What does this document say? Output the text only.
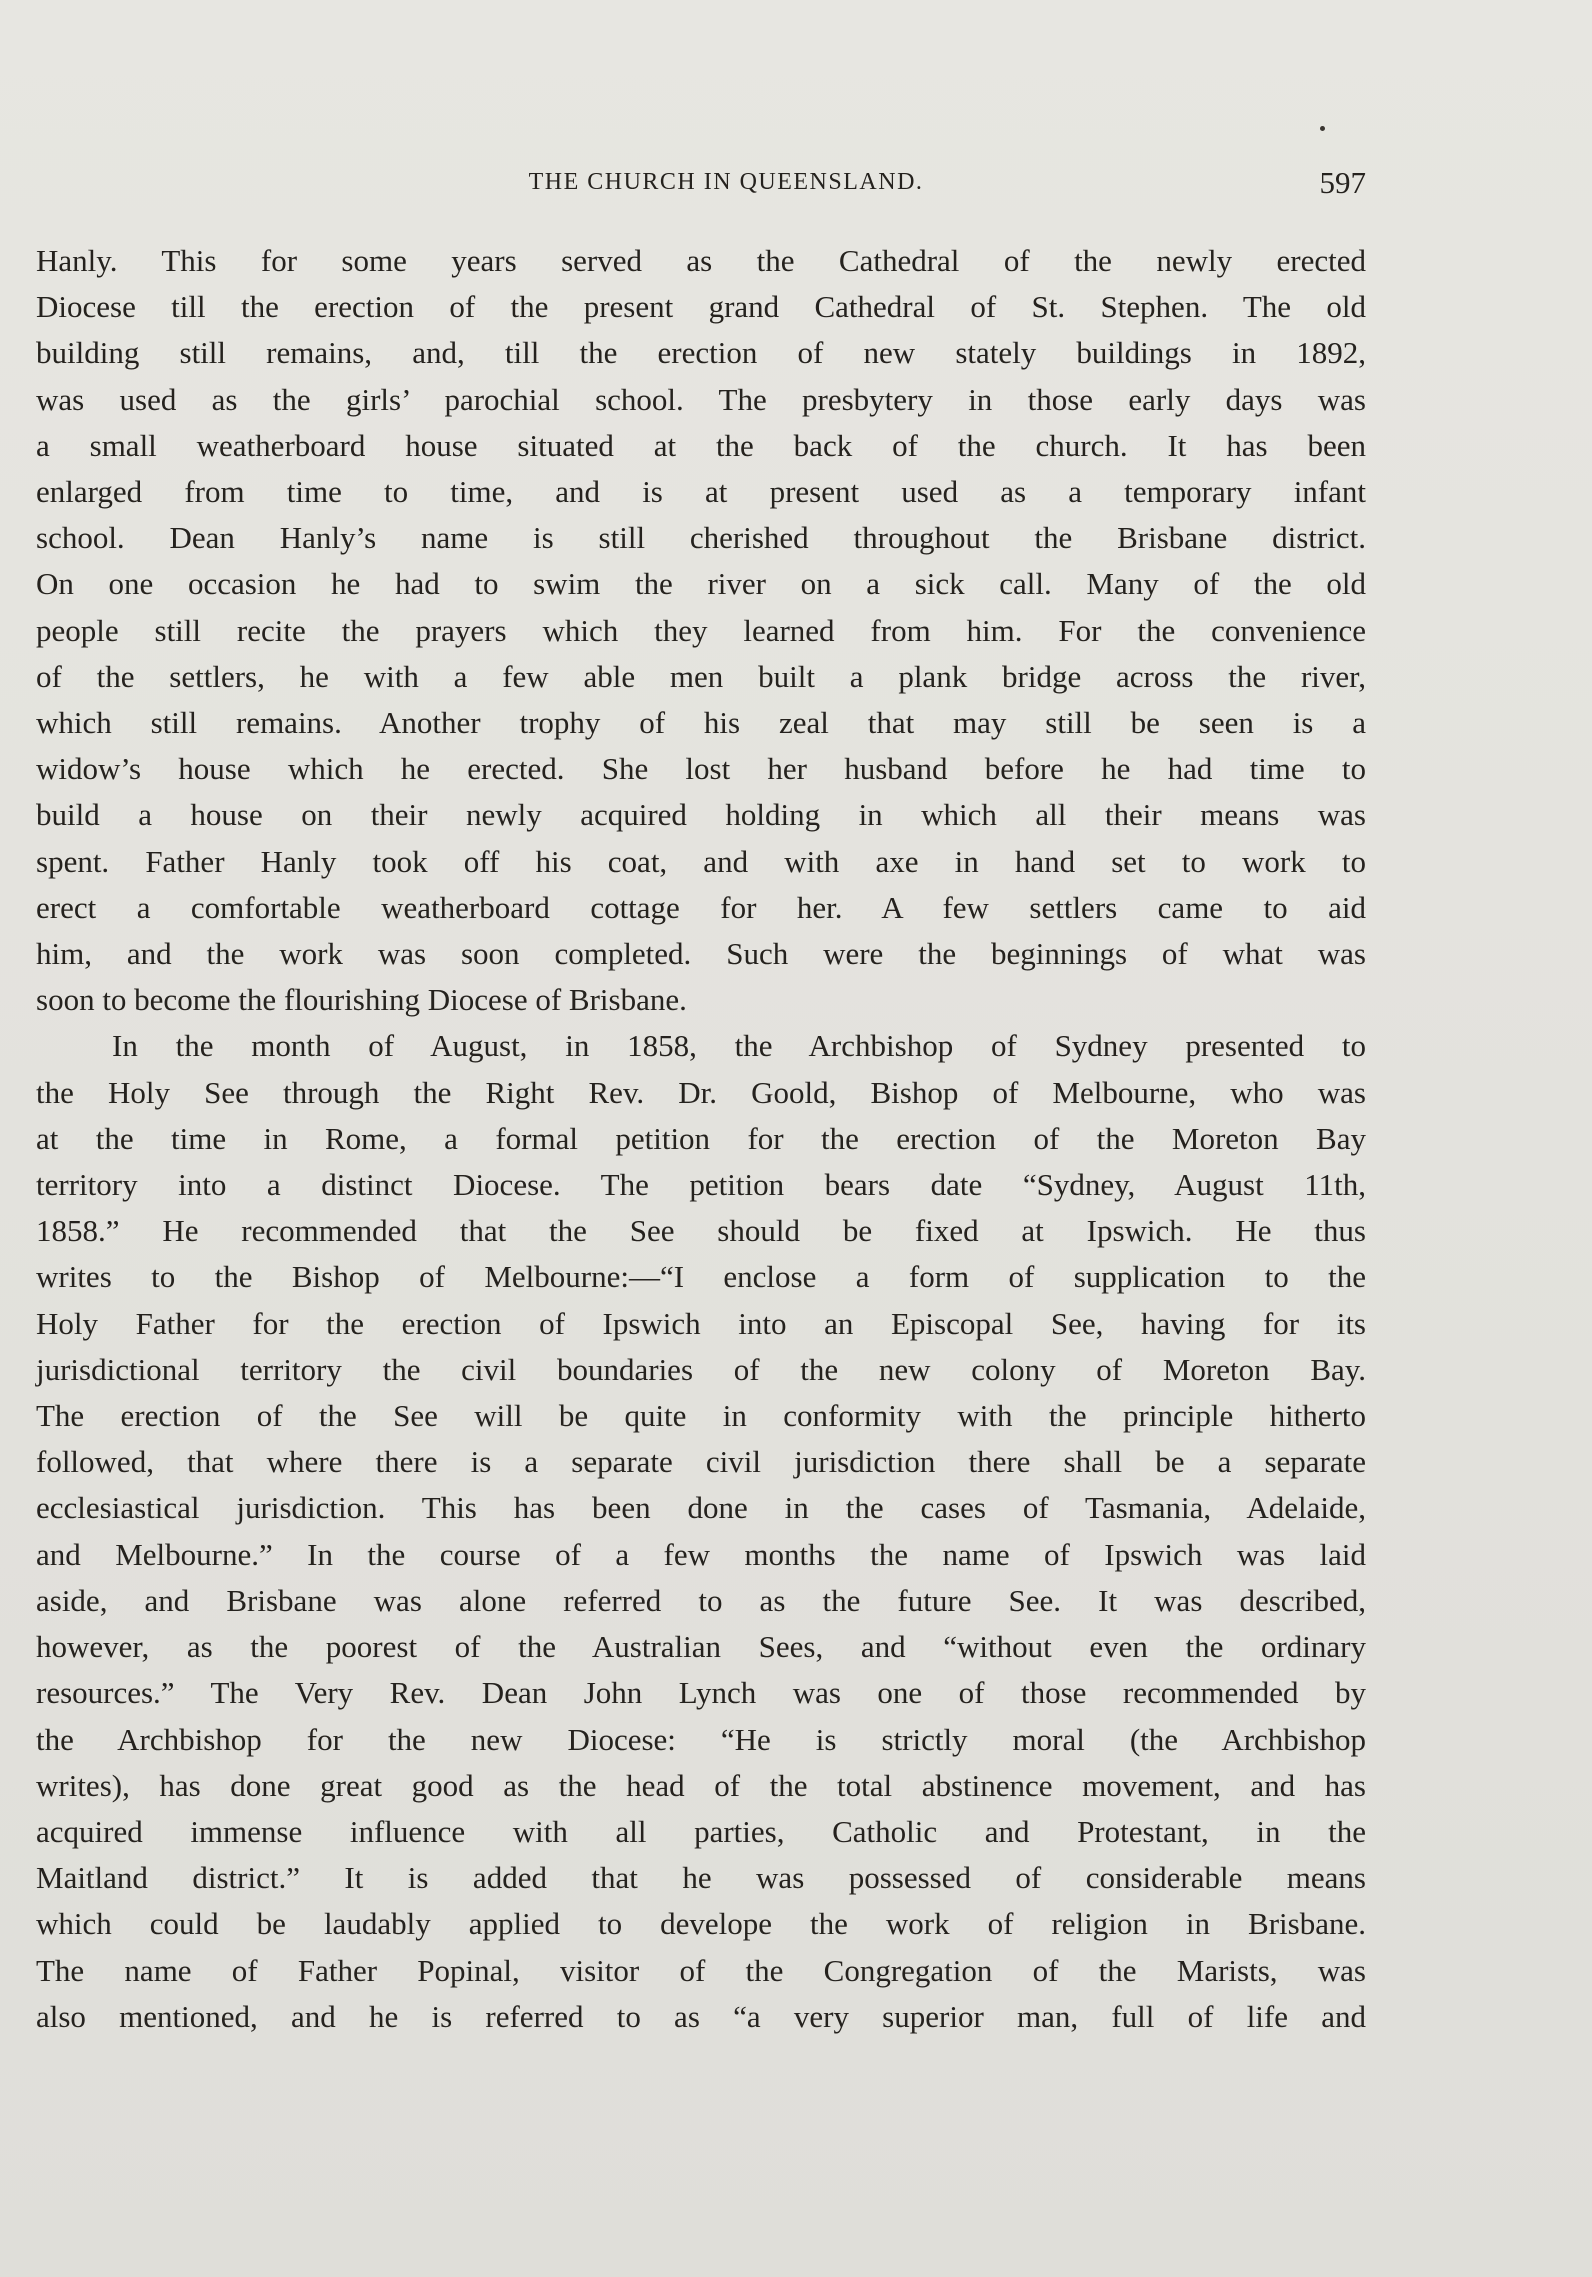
THE CHURCH IN QUEENSLAND.	597
Hanly. This for some years served as the Cathedral of the newly erected
Diocese till the erection of the present grand Cathedral of St. Stephen. The old
building still remains, and, till the erection of new stately buildings in 1892,
was used as the girls’ parochial school. The presbytery in those early days was
a small weatherboard house situated at the back of the church. It has been
enlarged from time to time, and is at present used as a temporary infant
school. Dean Hanly’s name is still cherished throughout the Brisbane district.
On one occasion he had to swim the river on a sick call. Many of the old
people still recite the prayers which they learned from him. For the convenience
of the settlers, he with a few able men built a plank bridge across the river,
which still remains. Another trophy of his zeal that may still be seen is a
widow’s house which he erected. She lost her husband before he had time to
build a house on their newly acquired holding in which all their means was
spent. Father Hanly took off his coat, and with axe in hand set to work to
erect a comfortable weatherboard cottage for her. A few settlers came to aid
him, and the work was soon completed. Such were the beginnings of what was
soon to become the flourishing Diocese of Brisbane.
In the month of August, in 1858, the Archbishop of Sydney presented to
the Holy See through the Right Rev. Dr. Goold, Bishop of Melbourne, who was
at the time in Rome, a formal petition for the erection of the Moreton Bay
territory into a distinct Diocese. The petition bears date “Sydney, August 11th,
1858.” He recommended that the See should be fixed at Ipswich. He thus
writes to the Bishop of Melbourne:—“I enclose a form of supplication to the
Holy Father for the erection of Ipswich into an Episcopal See, having for its
jurisdictional territory the civil boundaries of the new colony of Moreton Bay.
The erection of the See will be quite in conformity with the principle hitherto
followed, that where there is a separate civil jurisdiction there shall be a separate
ecclesiastical jurisdiction. This has been done in the cases of Tasmania, Adelaide,
and Melbourne.” In the course of a few months the name of Ipswich was laid
aside, and Brisbane was alone referred to as the future See. It was described,
however, as the poorest of the Australian Sees, and “without even the ordinary
resources.” The Very Rev. Dean John Lynch was one of those recommended by
the Archbishop for the new Diocese: “He is strictly moral (the Archbishop
writes), has done great good as the head of the total abstinence movement, and has
acquired immense influence with all parties, Catholic and Protestant, in the
Maitland district.” It is added that he was possessed of considerable means
which could be laudably applied to develope the work of religion in Brisbane.
The name of Father Popinal, visitor of the Congregation of the Marists, was
also mentioned, and he is referred to as “a very superior man, full of life and
